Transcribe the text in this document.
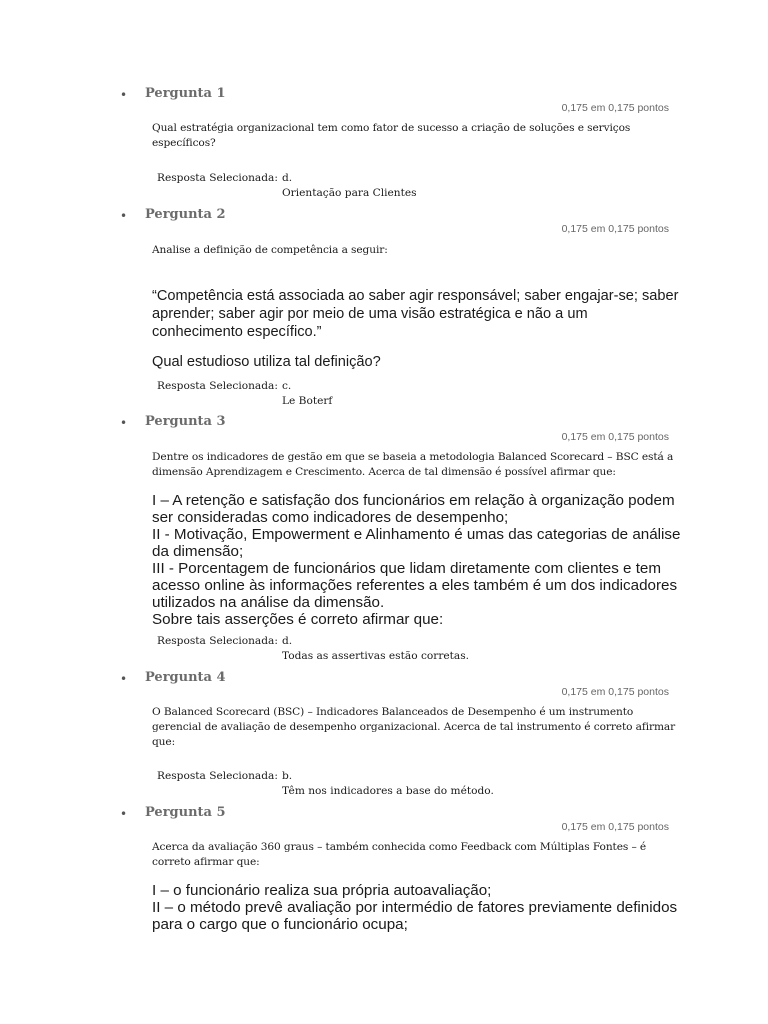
• Pergunta 1
0,175 em 0,175 pontos
Qual estratégia organizacional tem como fator de sucesso a criação de soluções e serviços específicos?
Resposta Selecionada: d.
Orientação para Clientes
• Pergunta 2
0,175 em 0,175 pontos
Analise a definição de competência a seguir:
“Competência está associada ao saber agir responsável; saber engajar-se; saber aprender; saber agir por meio de uma visão estratégica e não a um conhecimento específico.”
Qual estudioso utiliza tal definição?
Resposta Selecionada: c.
Le Boterf
• Pergunta 3
0,175 em 0,175 pontos
Dentre os indicadores de gestão em que se baseia a metodologia Balanced Scorecard – BSC está a dimensão Aprendizagem e Crescimento. Acerca de tal dimensão é possível afirmar que:

I – A retenção e satisfação dos funcionários em relação à organização podem ser consideradas como indicadores de desempenho;

II - Motivação, Empowerment e Alinhamento é umas das categorias de análise da dimensão;

III - Porcentagem de funcionários que lidam diretamente com clientes e tem acesso online às informações referentes a eles também é um dos indicadores utilizados na análise da dimensão.

Sobre tais asserções é correto afirmar que:

Resposta Selecionada: d.
Todas as assertivas estão corretas.
• Pergunta 4
0,175 em 0,175 pontos
O Balanced Scorecard (BSC) – Indicadores Balanceados de Desempenho é um instrumento gerencial de avaliação de desempenho organizacional. Acerca de tal instrumento é correto afirmar que:
Resposta Selecionada: b.
Têm nos indicadores a base do método.
• Pergunta 5
0,175 em 0,175 pontos
Acerca da avaliação 360 graus – também conhecida como Feedback com Múltiplas Fontes – é correto afirmar que:

I – o funcionário realiza sua própria autoavaliação;

II – o método prevê avaliação por intermédio de fatores previamente definidos para o cargo que o funcionário ocupa;
